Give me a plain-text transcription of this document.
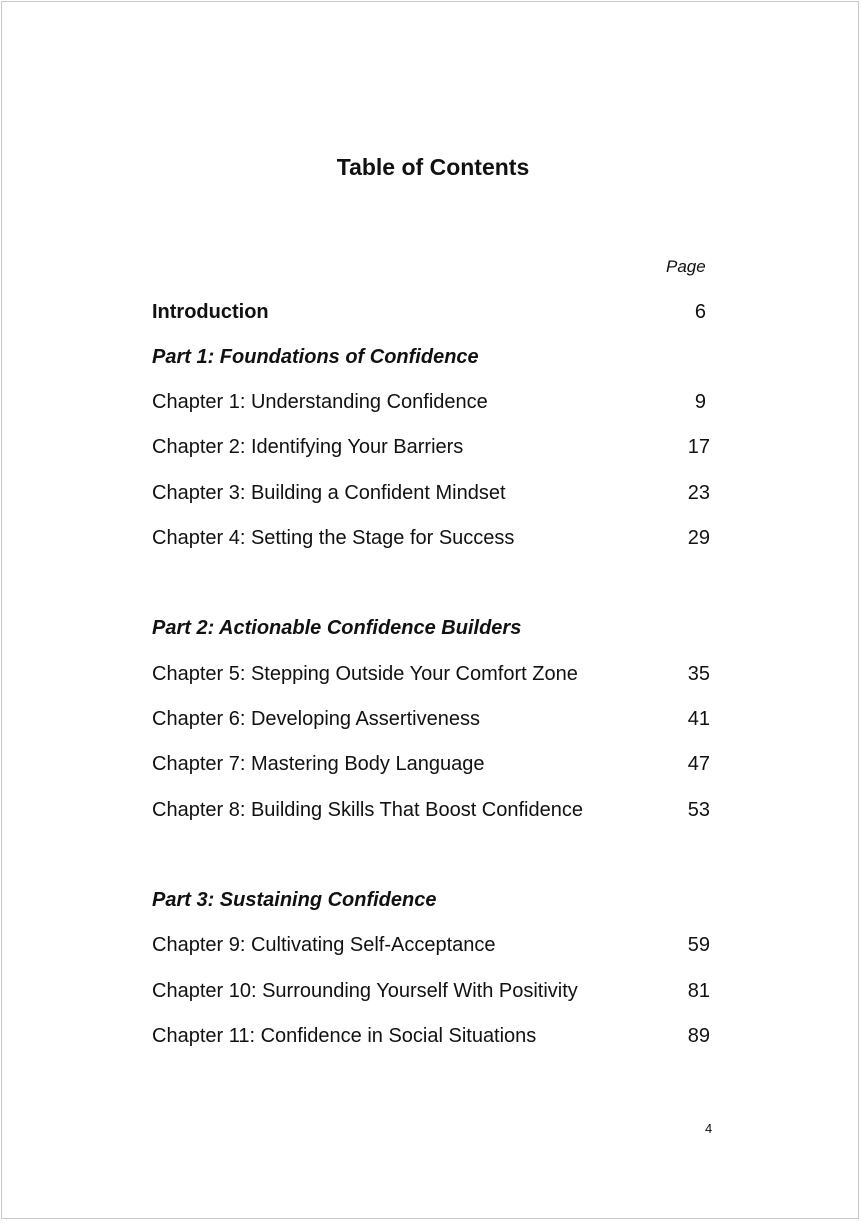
Table of Contents
Page
Introduction	6
Part 1: Foundations of Confidence
Chapter 1: Understanding Confidence	9
Chapter 2: Identifying Your Barriers	17
Chapter 3: Building a Confident Mindset	23
Chapter 4: Setting the Stage for Success	29
Part 2: Actionable Confidence Builders
Chapter 5: Stepping Outside Your Comfort Zone	35
Chapter 6: Developing Assertiveness	41
Chapter 7: Mastering Body Language	47
Chapter 8: Building Skills That Boost Confidence	53
Part 3: Sustaining Confidence
Chapter 9: Cultivating Self-Acceptance	59
Chapter 10: Surrounding Yourself With Positivity	81
Chapter 11: Confidence in Social Situations	89
4
